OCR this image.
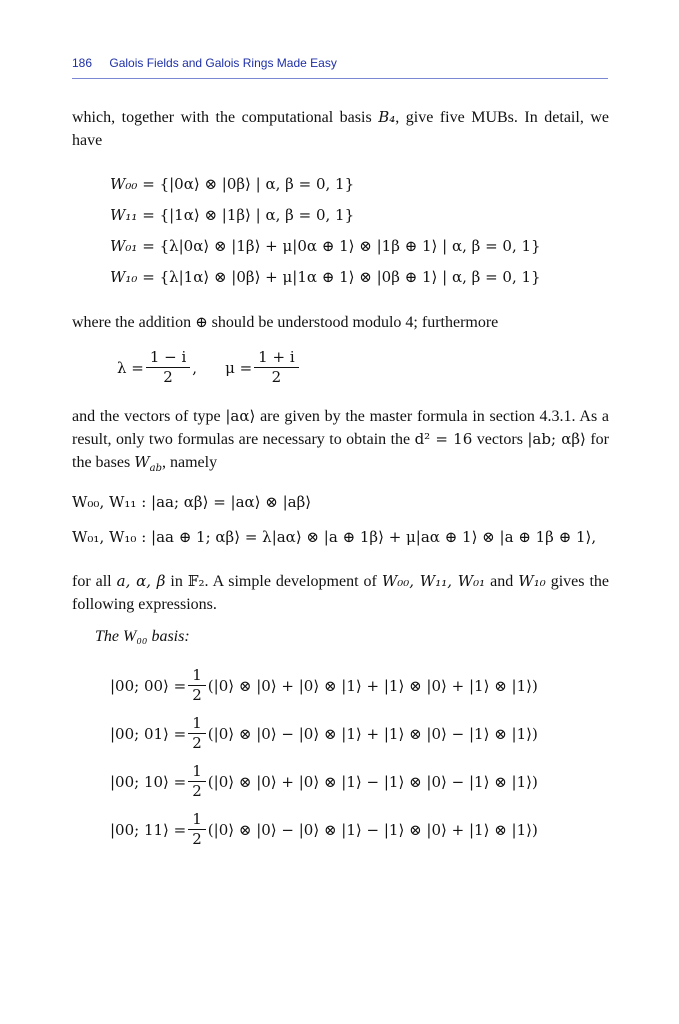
186 Galois Fields and Galois Rings Made Easy

which, together with the computational basis B₄, give five MUBs. In detail, we have

W₀₀ = {|0α⟩ ⊗ |0β⟩ | α, β = 0, 1}
W₁₁ = {|1α⟩ ⊗ |1β⟩ | α, β = 0, 1}
W₀₁ = {λ|0α⟩ ⊗ |1β⟩ + μ|0α ⊕ 1⟩ ⊗ |1β ⊕ 1⟩ | α, β = 0, 1}
W₁₀ = {λ|1α⟩ ⊗ |0β⟩ + μ|1α ⊕ 1⟩ ⊗ |0β ⊕ 1⟩ | α, β = 0, 1}

where the addition ⊕ should be understood modulo 4; furthermore

$\lambda = \frac{1 - i}{2}$ , $\mu = \frac{1 + i}{2}$

and the vectors of type |aα⟩ are given by the master formula in section 4.3.1. As a result, only two formulas are necessary to obtain the d² = 16 vectors |ab; αβ⟩ for the bases $W_{ab}$, namely

W₀₀, W₁₁ : |aa; αβ⟩ = |aα⟩ ⊗ |aβ⟩
W₀₁, W₁₀ : |aa ⊕ 1; αβ⟩ = λ|aα⟩ ⊗ |a ⊕ 1β⟩ + μ|aα ⊕ 1⟩ ⊗ |a ⊕ 1β ⊕ 1⟩,

for all a, α, β in 𝔽₂. A simple development of W₀₀, W₁₁, W₀₁ and W₁₀ gives the following expressions.

The W₀₀ basis:
|00; 00⟩ = $\frac{1}{2}$ (|0⟩ ⊗ |0⟩ + |0⟩ ⊗ |1⟩ + |1⟩ ⊗ |0⟩ + |1⟩ ⊗ |1⟩)
|00; 01⟩ = $\frac{1}{2}$ (|0⟩ ⊗ |0⟩ − |0⟩ ⊗ |1⟩ + |1⟩ ⊗ |0⟩ − |1⟩ ⊗ |1⟩)
|00; 10⟩ = $\frac{1}{2}$ (|0⟩ ⊗ |0⟩ + |0⟩ ⊗ |1⟩ − |1⟩ ⊗ |0⟩ − |1⟩ ⊗ |1⟩)
|00; 11⟩ = $\frac{1}{2}$ (|0⟩ ⊗ |0⟩ − |0⟩ ⊗ |1⟩ − |1⟩ ⊗ |0⟩ + |1⟩ ⊗ |1⟩)
